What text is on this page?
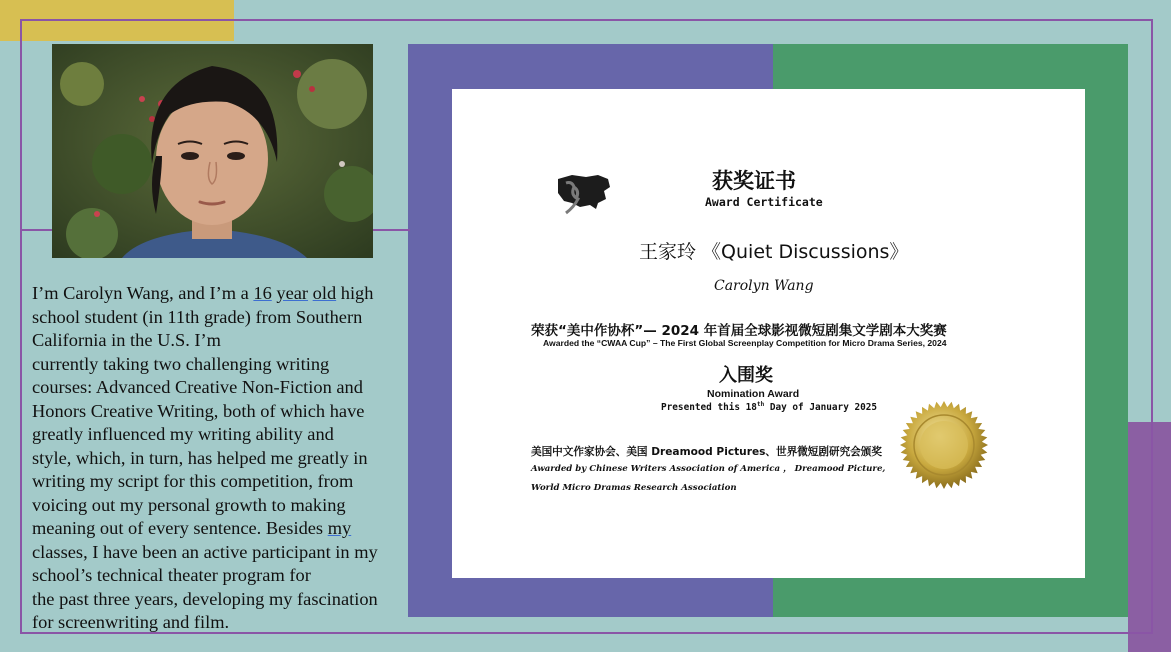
I’m Carolyn Wang, and I’m a 16 year old high
school student (in 11th grade) from Southern
California in the U.S. I’m
currently taking two challenging writing
courses: Advanced Creative Non-Fiction and
Honors Creative Writing, both of which have
greatly influenced my writing ability and
style, which, in turn, has helped me greatly in
writing my script for this competition, from
voicing out my personal growth to making
meaning out of every sentence. Besides my
classes, I have been an active participant in my
school’s technical theater program for
the past three years, developing my fascination
for screenwriting and film.

获奖证书
Award Certificate
王家玲 《Quiet Discussions》
Carolyn Wang
荣获“美中作协杯”— 2024 年首届全球影视微短剧集文学剧本大奖赛
Awarded the “CWAA Cup” – The First Global Screenplay Competition for Micro Drama Series, 2024
入围奖
Nomination Award
Presented this 18th Day of January 2025
美国中文作家协会、美国 Dreamood Pictures、世界微短剧研究会颁奖
Awarded by Chinese Writers Association of America ， Dreamood Picture,
World Micro Dramas Research Association
